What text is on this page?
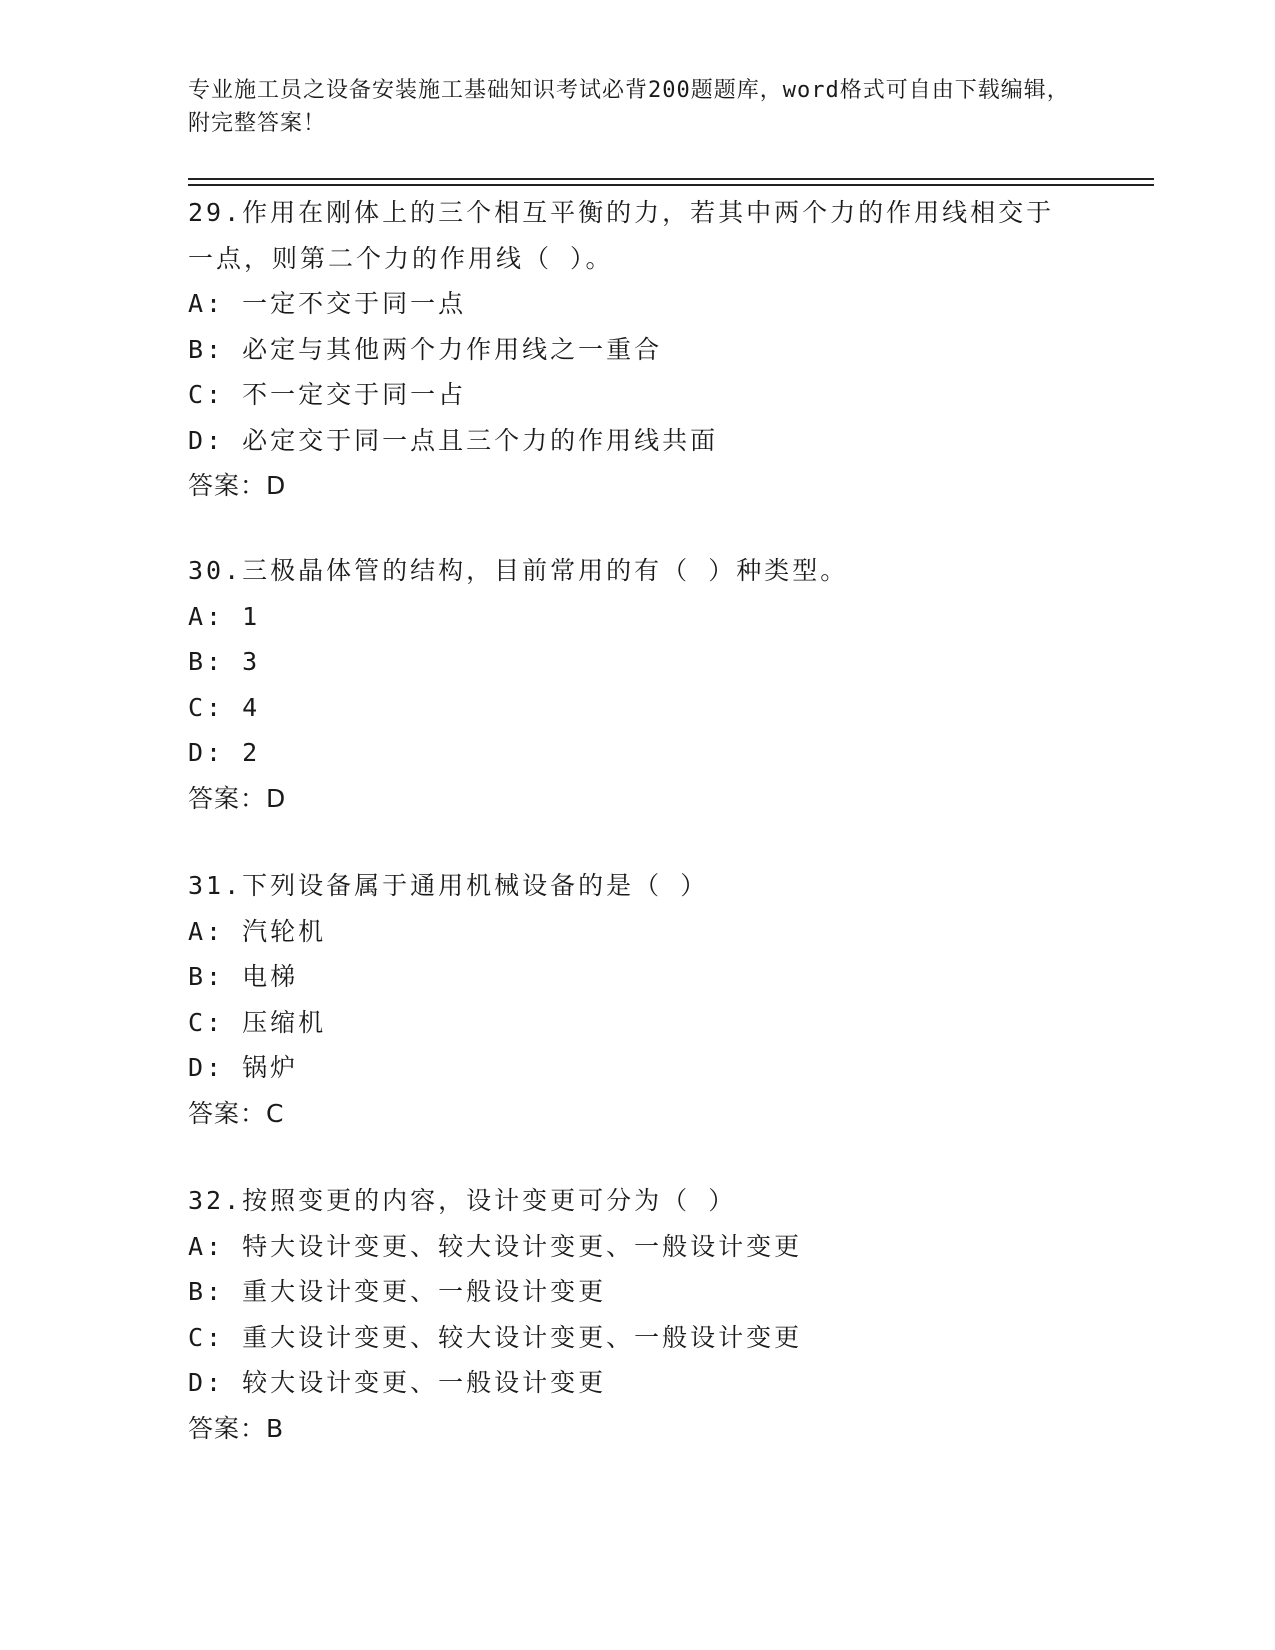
专业施工员之设备安装施工基础知识考试必背200题题库，word格式可自由下载编辑，附完整答案！
29.作用在刚体上的三个相互平衡的力，若其中两个力的作用线相交于一点，则第二个力的作用线（ ）。
A: 一定不交于同一点
B: 必定与其他两个力作用线之一重合
C: 不一定交于同一占
D: 必定交于同一点且三个力的作用线共面
答案：D
30.三极晶体管的结构，目前常用的有（ ）种类型。
A: 1
B: 3
C: 4
D: 2
答案：D
31.下列设备属于通用机械设备的是（ ）
A: 汽轮机
B: 电梯
C: 压缩机
D: 锅炉
答案：C
32.按照变更的内容，设计变更可分为（ ）
A: 特大设计变更、较大设计变更、一般设计变更
B: 重大设计变更、一般设计变更
C: 重大设计变更、较大设计变更、一般设计变更
D: 较大设计变更、一般设计变更
答案：B
